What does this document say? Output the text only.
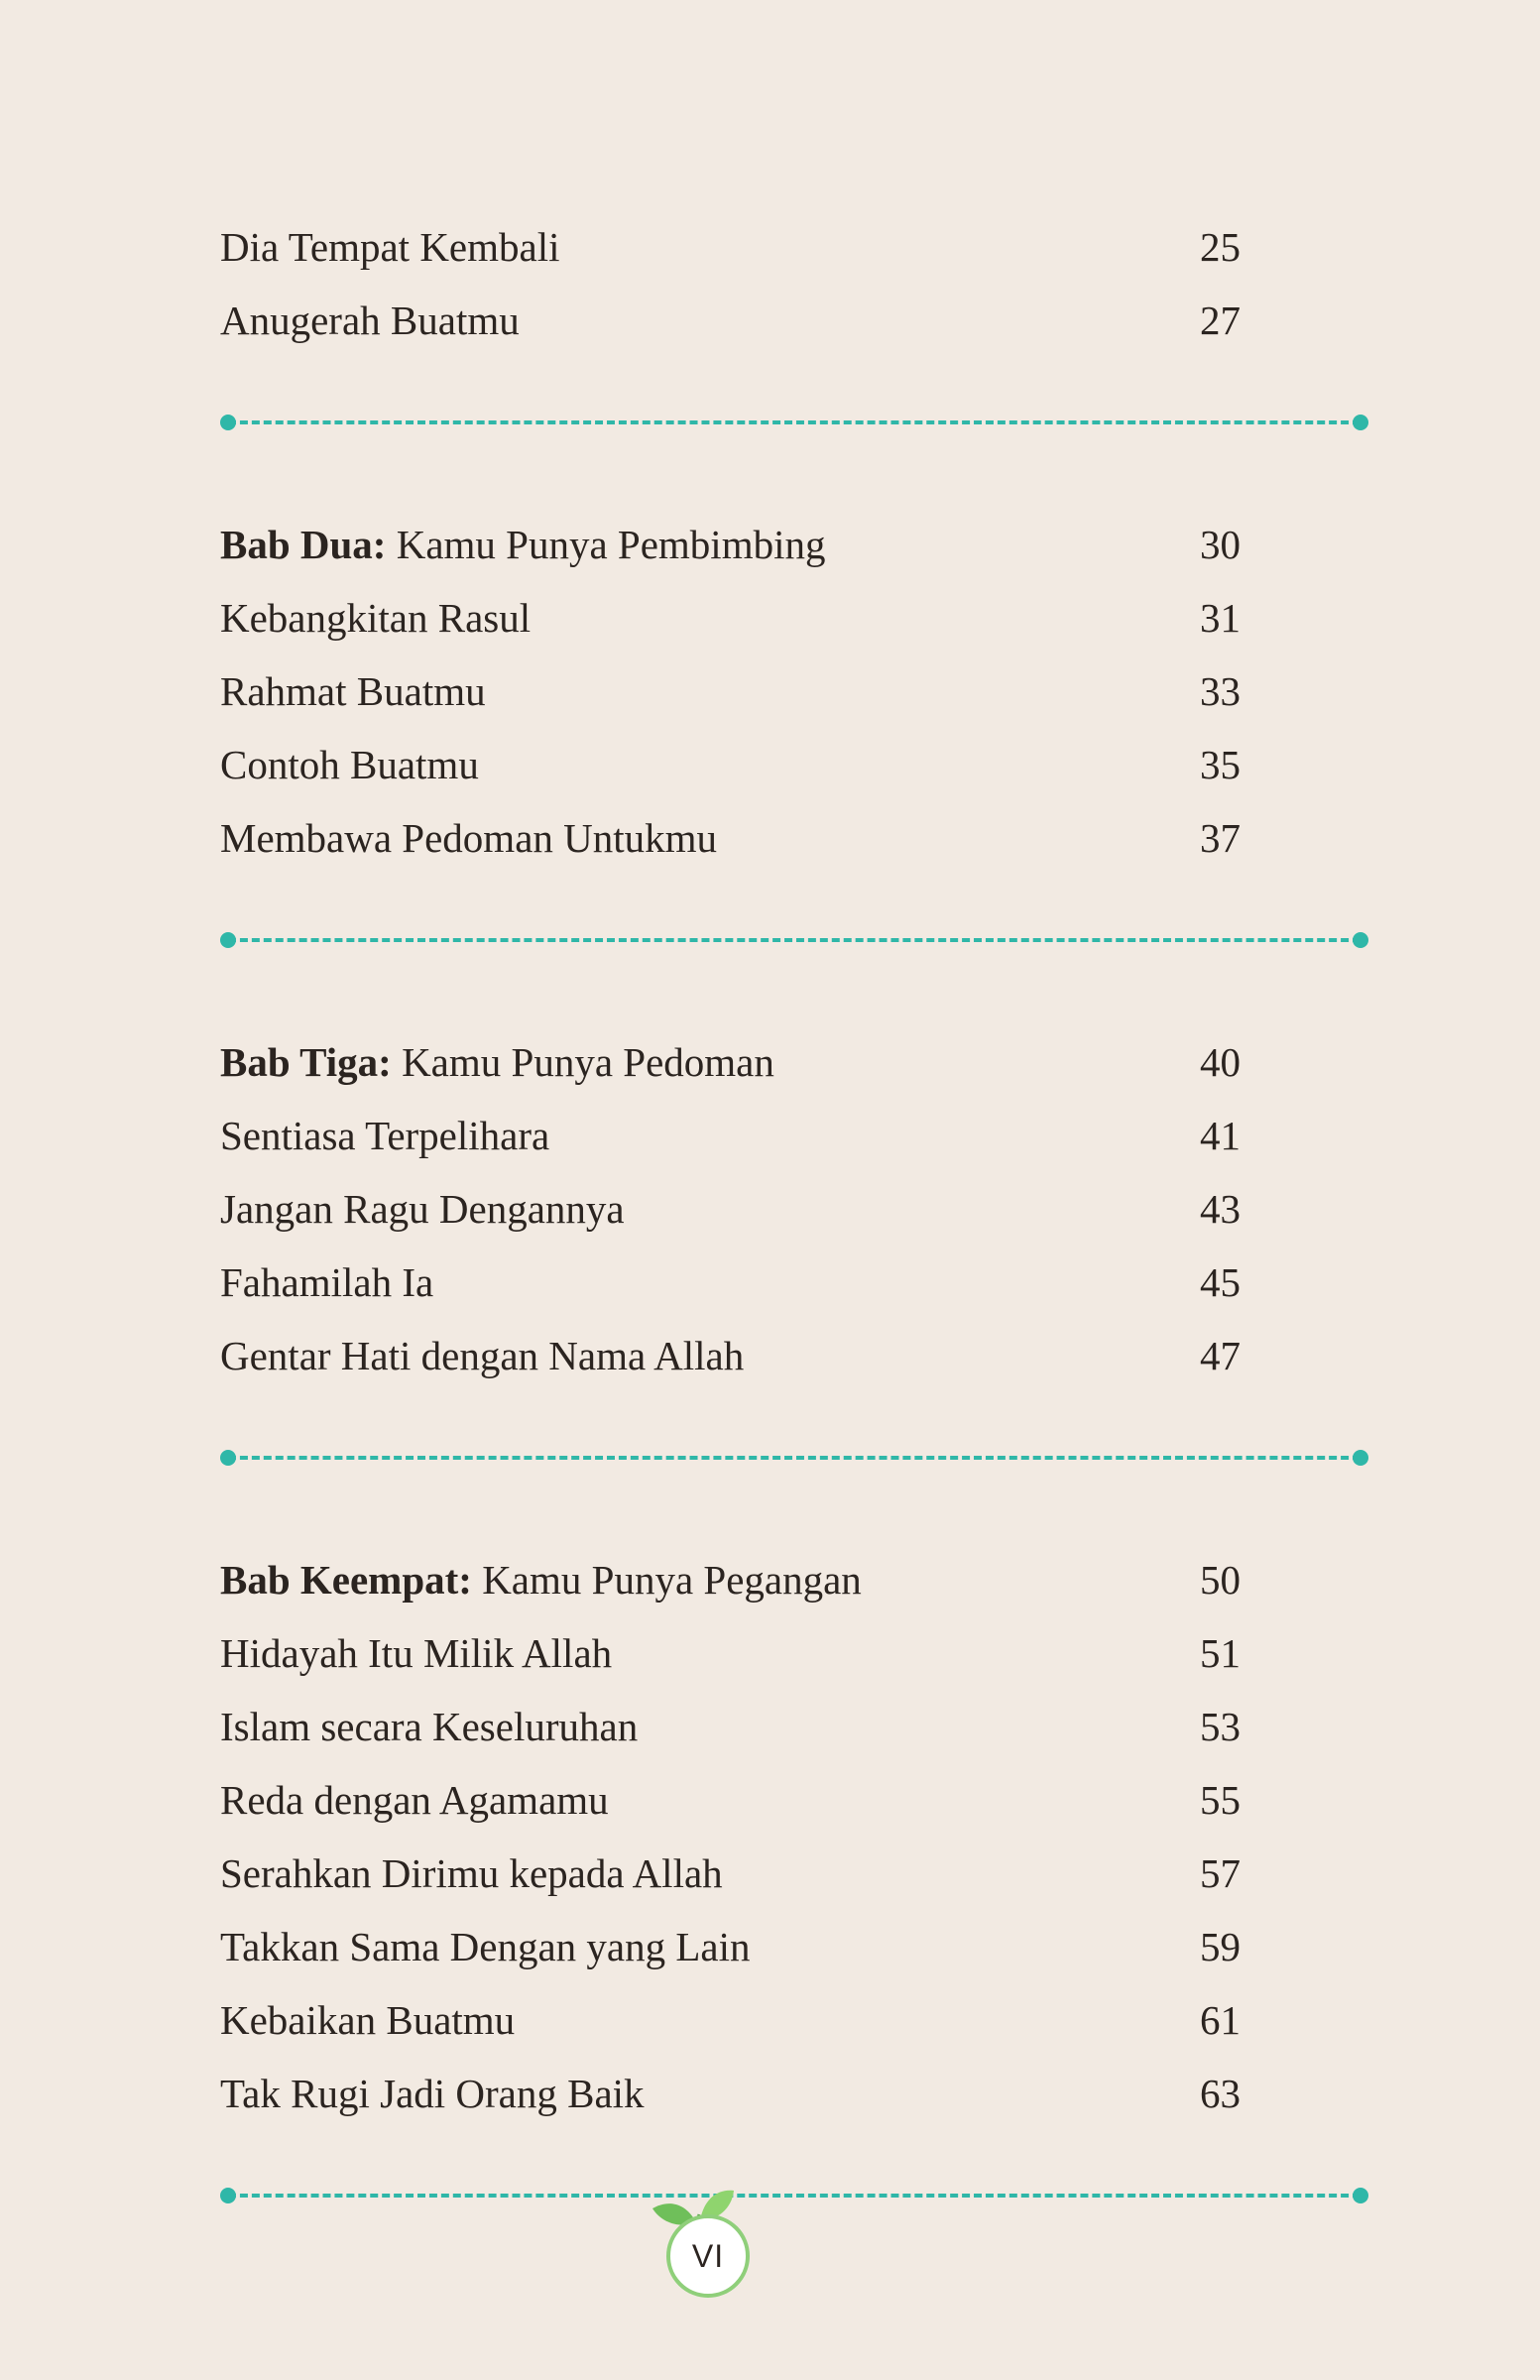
Dia Tempat Kembali	25
Anugerah Buatmu	27
Bab Dua: Kamu Punya Pembimbing	30
Kebangkitan Rasul	31
Rahmat Buatmu	33
Contoh Buatmu	35
Membawa Pedoman Untukmu	37
Bab Tiga: Kamu Punya Pedoman	40
Sentiasa Terpelihara	41
Jangan Ragu Dengannya	43
Fahamilah Ia	45
Gentar Hati dengan Nama Allah	47
Bab Keempat: Kamu Punya Pegangan	50
Hidayah Itu Milik Allah	51
Islam secara Keseluruhan	53
Reda dengan Agamamu	55
Serahkan Dirimu kepada Allah	57
Takkan Sama Dengan yang Lain	59
Kebaikan Buatmu	61
Tak Rugi Jadi Orang Baik	63
VI
